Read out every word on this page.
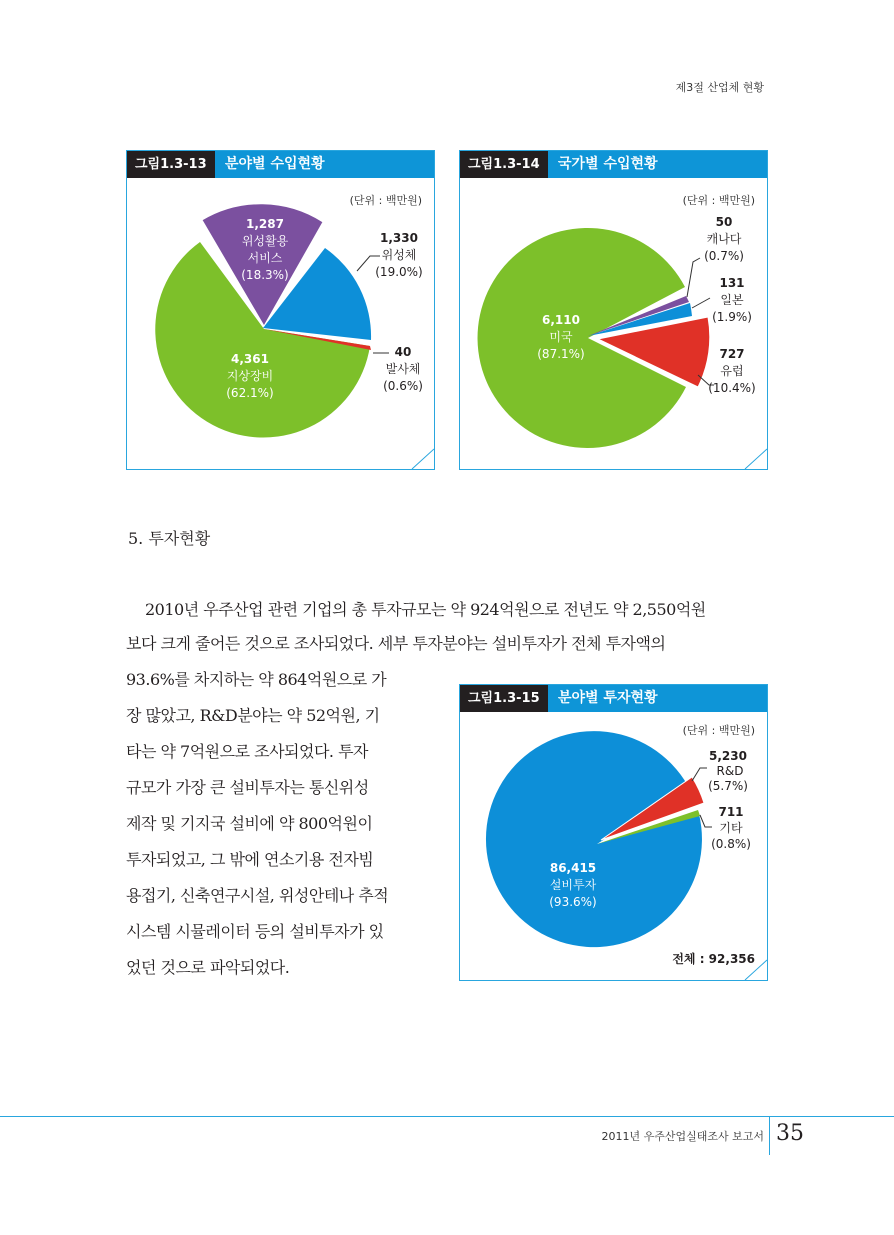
제3절 산업체 현황
그림1.3-13	분야별 수입현황
(단위 : 백만원)
1,287
위성활용
서비스
(18.3%)
1,330
위성체
(19.0%)
40
발사체
(0.6%)
4,361
지상장비
(62.1%)
그림1.3-14	국가별 수입현황
(단위 : 백만원)
50
캐나다
(0.7%)
131
일본
(1.9%)
727
유럽
(10.4%)
6,110
미국
(87.1%)
5. 투자현황
2010년 우주산업 관련 기업의 총 투자규모는 약 924억원으로 전년도 약 2,550억원
보다 크게 줄어든 것으로 조사되었다. 세부 투자분야는 설비투자가 전체 투자액의
93.6%를 차지하는 약 864억원으로 가
장 많았고, R&D분야는 약 52억원, 기
타는 약 7억원으로 조사되었다. 투자
규모가 가장 큰 설비투자는 통신위성
제작 및 기지국 설비에 약 800억원이
투자되었고, 그 밖에 연소기용 전자빔
용접기, 신축연구시설, 위성안테나 추적
시스템 시뮬레이터 등의 설비투자가 있
었던 것으로 파악되었다.
그림1.3-15	분야별 투자현황
(단위 : 백만원)
5,230
R&D
(5.7%)
711
기타
(0.8%)
86,415
설비투자
(93.6%)
전체 : 92,356
2011년 우주산업실태조사 보고서 35
